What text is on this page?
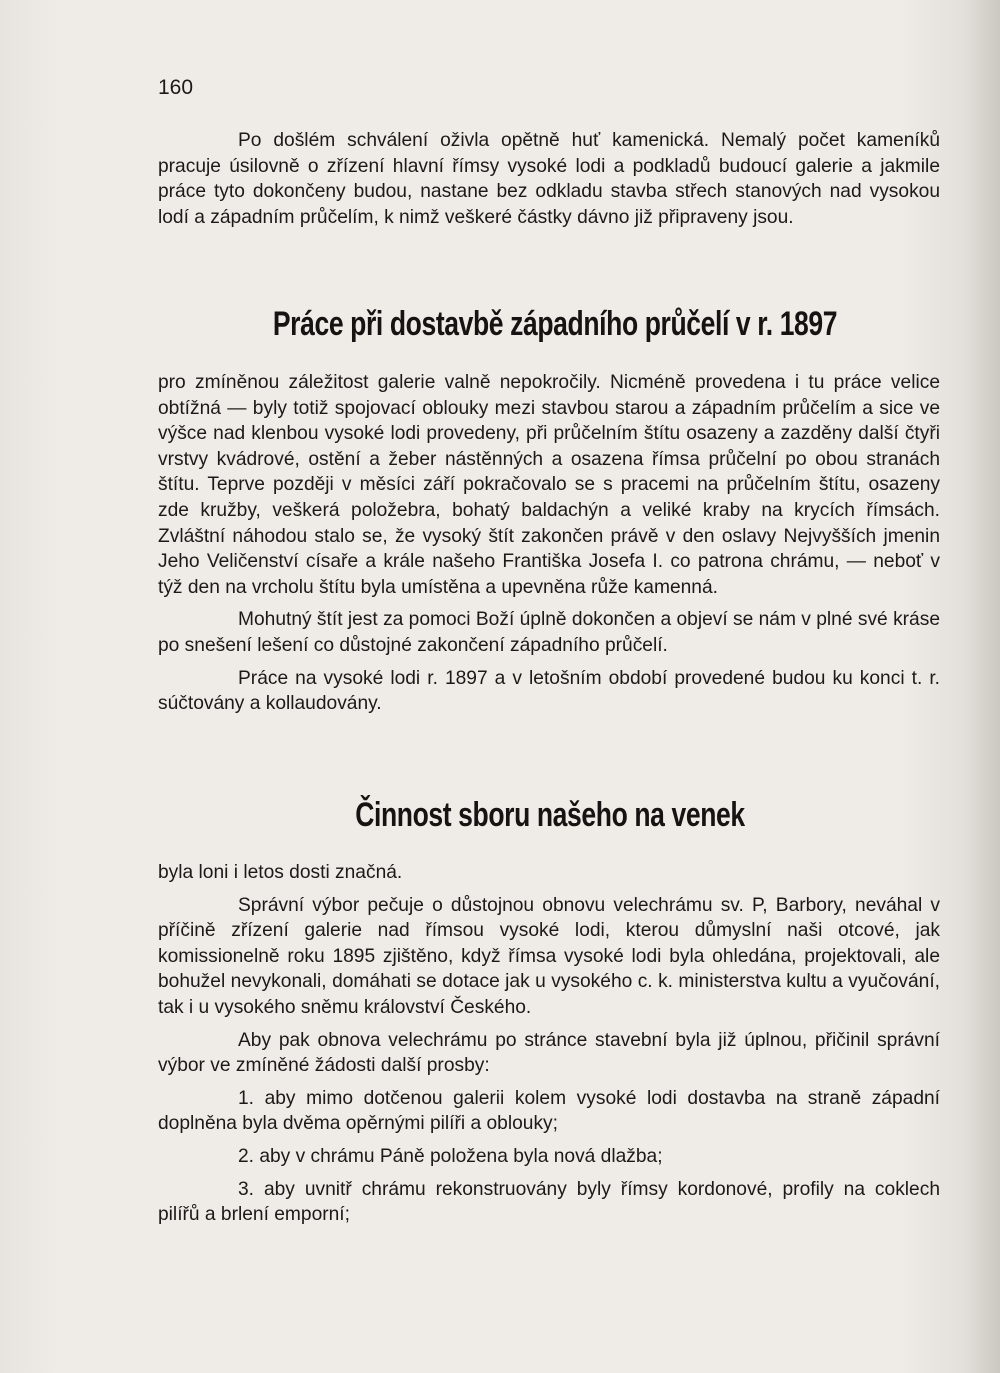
160

Po došlém schválení oživla opětně huť kamenická. Nemalý počet kameníků pracuje úsilovně o zřízení hlavní římsy vysoké lodi a podkladů budoucí galerie a jakmile práce tyto dokončeny budou, nastane bez odkladu stavba střech stanových nad vysokou lodí a západním průčelím, k nimž veškeré částky dávno již připraveny jsou.

Práce při dostavbě západního průčelí v r. 1897

pro zmíněnou záležitost galerie valně nepokročily. Nicméně provedena i tu práce velice obtížná — byly totiž spojovací oblouky mezi stavbou starou a západním průčelím a sice ve výšce nad klenbou vysoké lodi provedeny, při průčelním štítu osazeny a zazděny další čtyři vrstvy kvádrové, ostění a žeber nástěnných a osazena římsa průčelní po obou stranách štítu. Teprve později v měsíci září pokračovalo se s pracemi na průčelním štítu, osazeny zde kružby, veškerá položebra, bohatý baldachýn a veliké kraby na krycích římsách. Zvláštní náhodou stalo se, že vysoký štít zakončen právě v den oslavy Nejvyšších jmenin Jeho Veličenství císaře a krále našeho Františka Josefa I. co patrona chrámu, — neboť v týž den na vrcholu štítu byla umístěna a upevněna růže kamenná.

Mohutný štít jest za pomoci Boží úplně dokončen a objeví se nám v plné své kráse po snešení lešení co důstojné zakončení západního průčelí.

Práce na vysoké lodi r. 1897 a v letošním období provedené budou ku konci t. r. súčtovány a kollaudovány.

Činnost sboru našeho na venek

byla loni i letos dosti značná.

Správní výbor pečuje o důstojnou obnovu velechrámu sv. P, Barbory, neváhal v příčině zřízení galerie nad římsou vysoké lodi, kterou důmyslní naši otcové, jak komissionelně roku 1895 zjištěno, když římsa vysoké lodi byla ohledána, projektovali, ale bohužel nevykonali, domáhati se dotace jak u vysokého c. k. ministerstva kultu a vyučování, tak i u vysokého sněmu království Českého.

Aby pak obnova velechrámu po stránce stavební byla již úplnou, přičinil správní výbor ve zmíněné žádosti další prosby:

1. aby mimo dotčenou galerii kolem vysoké lodi dostavba na straně západní doplněna byla dvěma opěrnými pilíři a oblouky;

2. aby v chrámu Páně položena byla nová dlažba;

3. aby uvnitř chrámu rekonstruovány byly římsy kordonové, profily na coklech pilířů a brlení emporní;
